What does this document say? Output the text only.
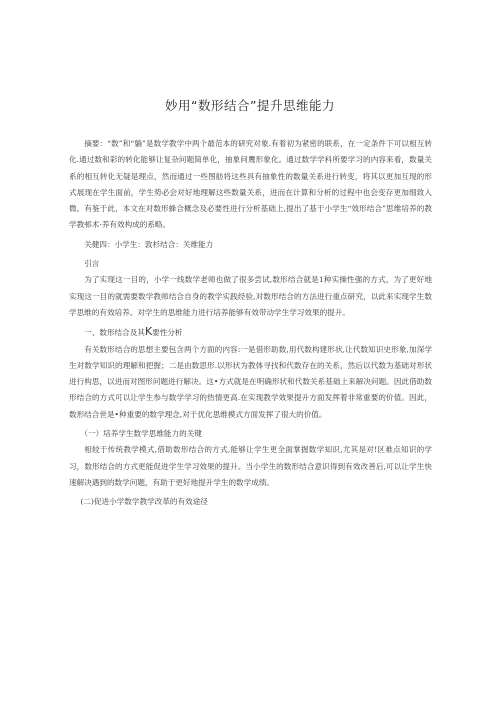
妙用“数形结合”提升思维能力

摘要：“数”和“躺”是数学教学中两个最范本的研究对象.有着初为紧密的联系，在一定条件下可以相互转化.通过数和彩的转化能够让复杂问题简单化，抽象问鹰形象化。通过数学学科所要学习的内容来看，数量关系的相互转化无疑是理点，然而通过一些图舫将这些具有抽象性的数量关系进行转变，将其以更加互现的形式展现在学生面前，学生势必会对好地理解这些数量关系，进而在计算和分析的过程中也会变存更加细致入微。有鉴于此，本文在对数形蜂合概念及必要性进行分析基础上,提出了基于小学生“效形结合”思维培养的教学教邨术·养有效构成的系略。

关健四：小学生：敦杉结合：关维能力

引言

为了实现这一目的，小学一线数学老师也做了很多尝试,数形结合就是1种实操性强的方式，为了更好地实现这一目的就需要数学教师结合自身的教学实践经验,对数形结合的方法进行重点研究，以此来实现学生数学思维的有效培养。对学生的思维能力进行培养能够有效带动学生学习效果的提升。

一、数形结合及其K要性分析

有关数形结合的思想主要包含两个方面的内容:一是借形助数,用代数构建形状,让代数知识史形象,加深学生对数学知识的理解和把握；二是由数思形.以形状为教体寻找和代数存在的关系，然后以代数为基础对形状进行构思，以进而对图形问题进行解决。这•方式就是在明确形状和代数关系基础上来解决问题。因此借助数形结合的方式可以让学生参与数学学习的热情更高.在实现教学效果提升方面发挥着非常重要的价值。因此，数形结合世是•种重要的数学理念,对于优化思维模式方面发挥了很大的价值。

（一）培养学生数学思维能力的关键

相较于传统教学模式,借助数形结合的方式,能够让学生更全面掌握数学知识,尤其是对!区难点知识的学习，数形结合的方式更能促进学生学习效果的提升。当小学生的数形结合意识得到有效改善后,可以让学生快速解决遇到的数学问题，有助于更好地提升学生的数学成绩。

(二)促进小学数学教学改革的有效途径
